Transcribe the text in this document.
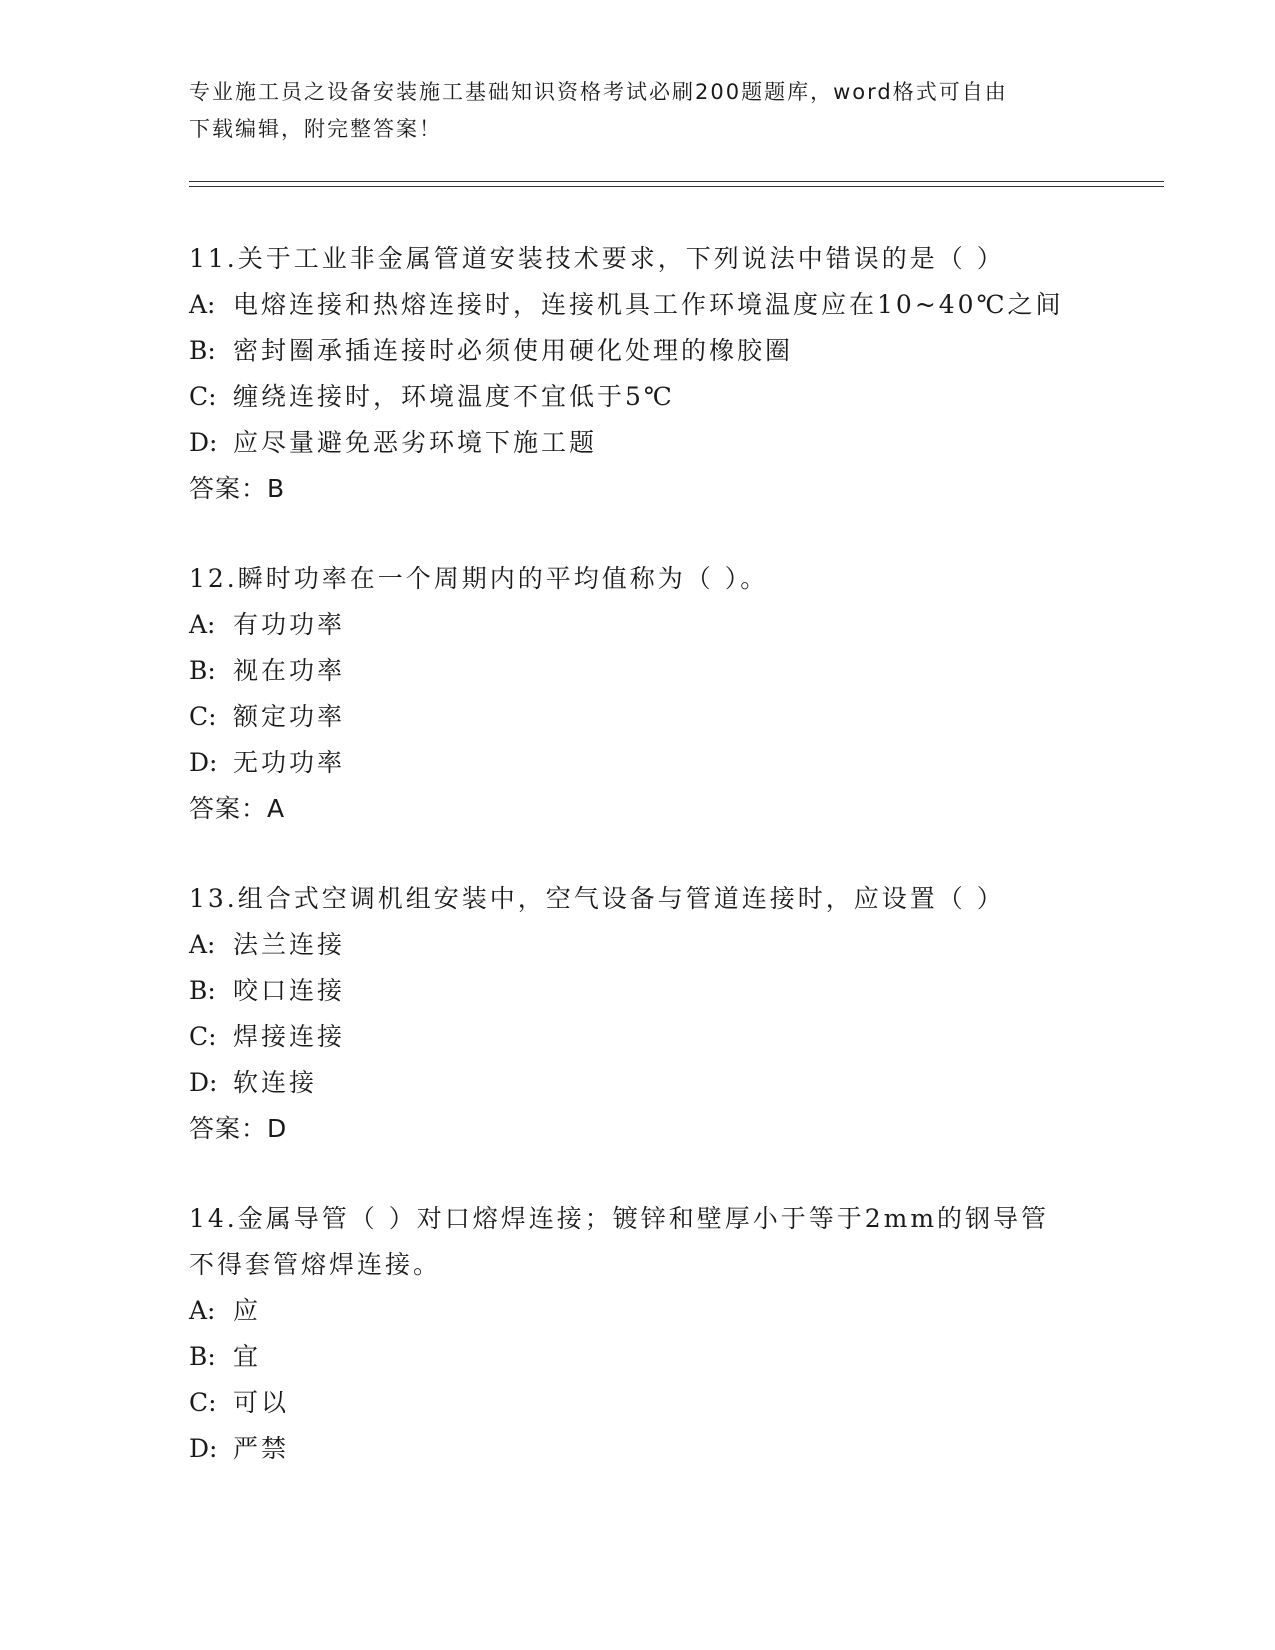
专业施工员之设备安装施工基础知识资格考试必刷200题题库，word格式可自由
下载编辑，附完整答案！
11.关于工业非金属管道安装技术要求，下列说法中错误的是（ ）
A: 电熔连接和热熔连接时，连接机具工作环境温度应在10~40℃之间
B: 密封圈承插连接时必须使用硬化处理的橡胶圈
C: 缠绕连接时，环境温度不宜低于5℃
D: 应尽量避免恶劣环境下施工题
答案：B
12.瞬时功率在一个周期内的平均值称为（ ）。
A: 有功功率
B: 视在功率
C: 额定功率
D: 无功功率
答案：A
13.组合式空调机组安装中，空气设备与管道连接时，应设置（ ）
A: 法兰连接
B: 咬口连接
C: 焊接连接
D: 软连接
答案：D
14.金属导管（ ）对口熔焊连接；镀锌和壁厚小于等于2mm的钢导管
不得套管熔焊连接。
A: 应
B: 宜
C: 可以
D: 严禁
